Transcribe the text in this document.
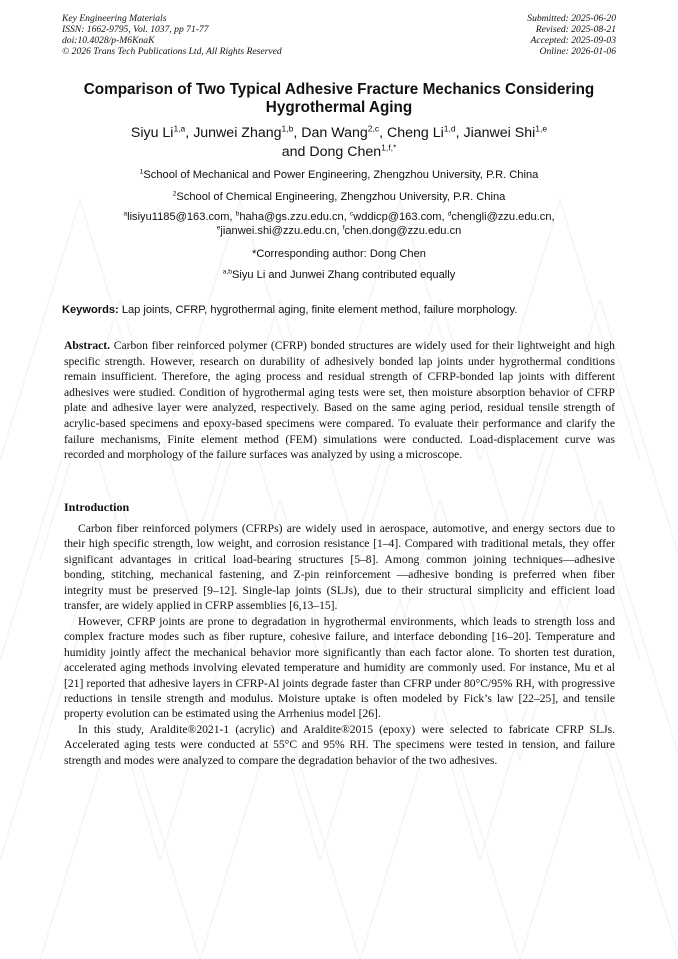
Key Engineering Materials
ISSN: 1662-9795, Vol. 1037, pp 71-77
doi:10.4028/p-M6KnaK
© 2026 Trans Tech Publications Ltd, All Rights Reserved
Submitted: 2025-06-20
Revised: 2025-08-21
Accepted: 2025-09-03
Online: 2026-01-06
Comparison of Two Typical Adhesive Fracture Mechanics Considering Hygrothermal Aging
Siyu Li$^{1,a}$, Junwei Zhang$^{1,b}$, Dan Wang$^{2,c}$, Cheng Li$^{1,d}$, Jianwei Shi$^{1,e}$
and Dong Chen$^{1,f,*}$
$^1$School of Mechanical and Power Engineering, Zhengzhou University, P.R. China
$^2$School of Chemical Engineering, Zhengzhou University, P.R. China
$^a$lisiyu1185@163.com, $^b$haha@gs.zzu.edu.cn, $^c$wddicp@163.com, $^d$chengli@zzu.edu.cn,
$^e$jianwei.shi@zzu.edu.cn, $^f$chen.dong@zzu.edu.cn
*Corresponding author: Dong Chen
$^{a,b}$Siyu Li and Junwei Zhang contributed equally
Keywords: Lap joints, CFRP, hygrothermal aging, finite element method, failure morphology.
Abstract. Carbon fiber reinforced polymer (CFRP) bonded structures are widely used for their lightweight and high specific strength. However, research on durability of adhesively bonded lap joints under hygrothermal conditions remain insufficient. Therefore, the aging process and residual strength of CFRP-bonded lap joints with different adhesives were studied. Condition of hygrothermal aging tests were set, then moisture absorption behavior of CFRP plate and adhesive layer were analyzed, respectively. Based on the same aging period, residual tensile strength of acrylic-based specimens and epoxy-based specimens were compared. To evaluate their performance and clarify the failure mechanisms, Finite element method (FEM) simulations were conducted. Load-displacement curve was recorded and morphology of the failure surfaces was analyzed by using a microscope.
Introduction

Carbon fiber reinforced polymers (CFRPs) are widely used in aerospace, automotive, and energy sectors due to their high specific strength, low weight, and corrosion resistance [1–4]. Compared with traditional metals, they offer significant advantages in critical load-bearing structures [5–8]. Among common joining techniques—adhesive bonding, stitching, mechanical fastening, and Z-pin reinforcement —adhesive bonding is preferred when fiber integrity must be preserved [9–12]. Single-lap joints (SLJs), due to their structural simplicity and efficient load transfer, are widely applied in CFRP assemblies [6,13–15].

However, CFRP joints are prone to degradation in hygrothermal environments, which leads to strength loss and complex fracture modes such as fiber rupture, cohesive failure, and interface debonding [16–20]. Temperature and humidity jointly affect the mechanical behavior more significantly than each factor alone. To shorten test duration, accelerated aging methods involving elevated temperature and humidity are commonly used. For instance, Mu et al [21] reported that adhesive layers in CFRP-Al joints degrade faster than CFRP under 80°C/95% RH, with progressive reductions in tensile strength and modulus. Moisture uptake is often modeled by Fick’s law [22–25], and tensile property evolution can be estimated using the Arrhenius model [26].

In this study, Araldite®2021-1 (acrylic) and Araldite®2015 (epoxy) were selected to fabricate CFRP SLJs. Accelerated aging tests were conducted at 55°C and 95% RH. The specimens were tested in tension, and failure strength and modes were analyzed to compare the degradation behavior of the two adhesives.
